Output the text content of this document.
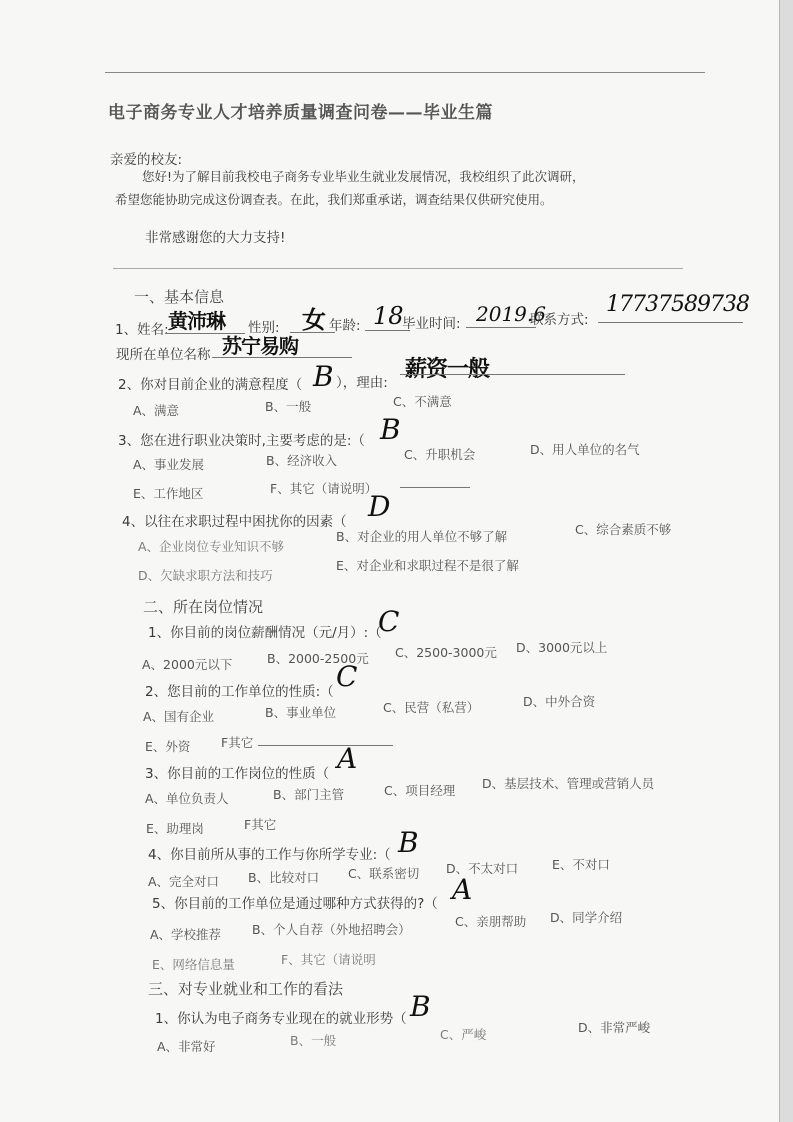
电子商务专业人才培养质量调查问卷——毕业生篇
亲爱的校友:
您好!为了解目前我校电子商务专业毕业生就业发展情况，我校组织了此次调研，
希望您能协助完成这份调查表。在此，我们郑重承诺，调查结果仅供研究使用。
非常感谢您的大力支持!
一、基本信息
1、姓名: 黄沛琳 性别: 女 年龄: 18
毕业时间: 2019.6
联系方式:
17737589738
现所在单位名称 苏宁易购
2、你对目前企业的满意程度（ B ），理由:
薪资一般
A、满意	B、一般	C、不满意
3、您在进行职业决策时,主要考虑的是:（ B
A、事业发展	B、经济收入	C、升职机会	D、用人单位的名气
E、工作地区	F、其它（请说明）
4、以往在求职过程中困扰你的因素（ D
A、企业岗位专业知识不够
B、对企业的用人单位不够了解	C、综合素质不够
D、欠缺求职方法和技巧
E、对企业和求职过程不是很了解
二、所在岗位情况
1、你目前的岗位薪酬情况（元/月）:（
C
A、2000元以下	B、2000-2500元 C、2500-3000元 D、3000元以上
2、您目前的工作单位的性质:（ C
A、国有企业	B、事业单位	C、民营（私营）	D、中外合资
E、外资 F其它
3、你目前的工作岗位的性质（ A
A、单位负责人	B、部门主管	C、项目经理 D、基层技术、管理或营销人员
E、助理岗	F其它
4、你目前所从事的工作与你所学专业:（ B
A、完全对口 B、比较对口 C、联系密切 D、不太对口	E、不对口
5、你目前的工作单位是通过哪种方式获得的?（ A
A、学校推荐 B、个人自荐（外地招聘会）
C、亲朋帮助 D、同学介绍
E、网络信息量	F、其它（请说明
三、对专业就业和工作的看法
1、你认为电子商务专业现在的就业形势（ B
A、非常好	B、一般	C、严峻	D、非常严峻
